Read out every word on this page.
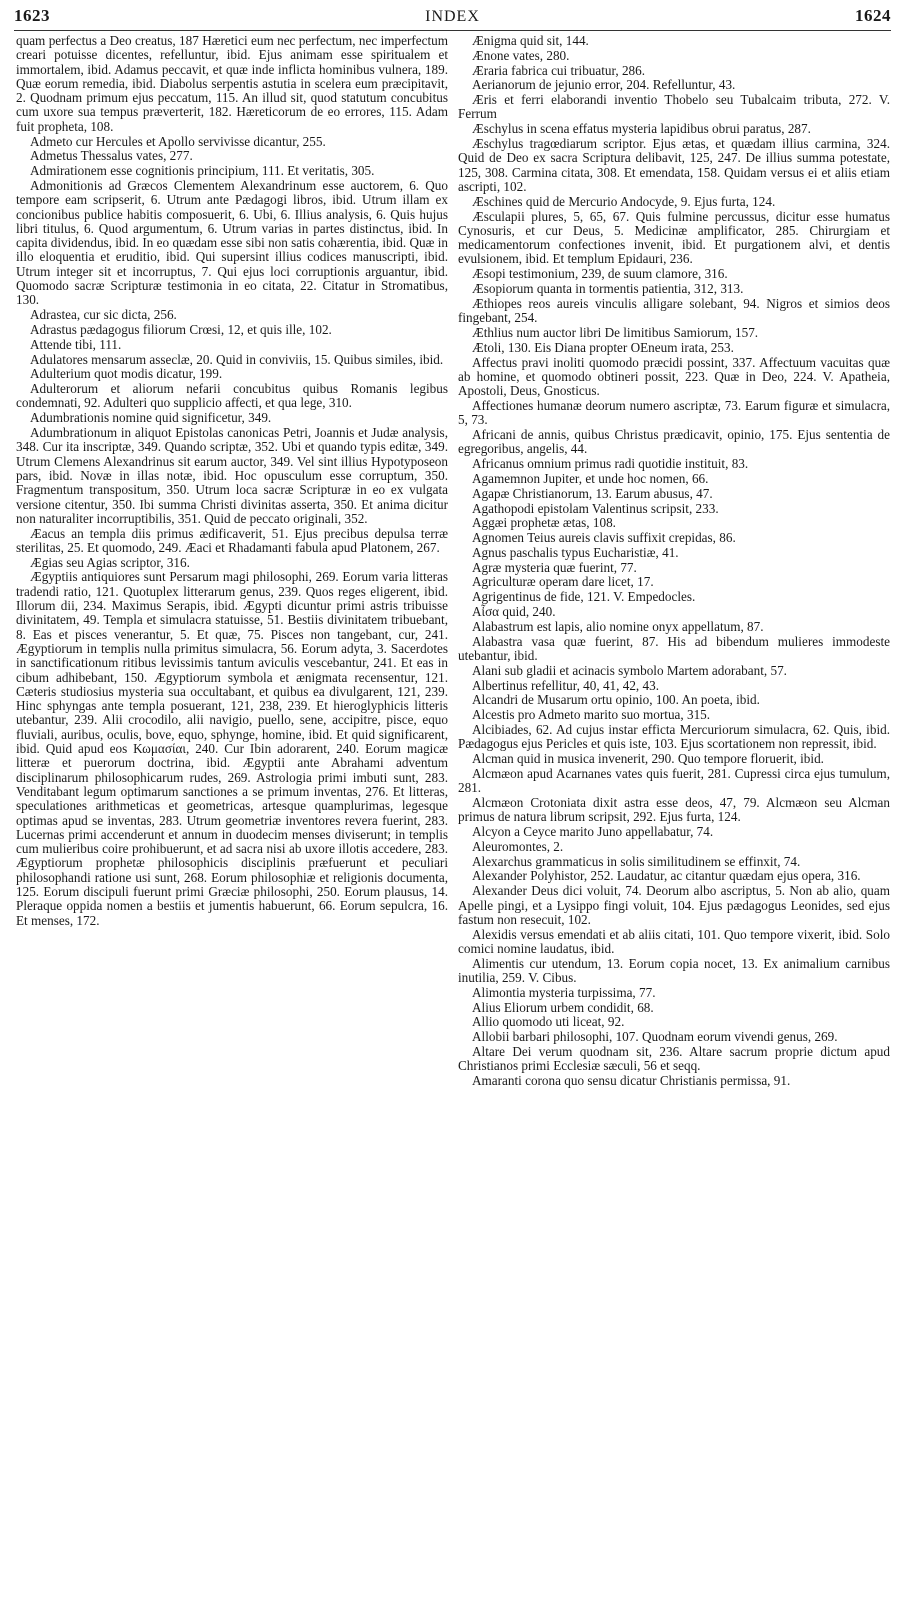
1623	INDEX	1624

quam perfectus a Deo creatus, 187 Hæretici eum nec perfectum, nec imperfectum creari potuisse dicentes, refelluntur, ibid. Ejus animam esse spiritualem et immortalem, ibid. Adamus peccavit, et quæ inde inflicta hominibus vulnera, 189. Quæ eorum remedia, ibid. Diabolus serpentis astutia in scelera eum præcipitavit, 2. Quodnam primum ejus peccatum, 115. An illud sit, quod statutum concubitus cum uxore sua tempus præverterit, 182. Hæreticorum de eo errores, 115. Adam fuit propheta, 108.

Admeto cur Hercules et Apollo servivisse dicantur, 255.

Admetus Thessalus vates, 277.

Admirationem esse cognitionis principium, 111. Et veritatis, 305.

Admonitionis ad Græcos Clementem Alexandrinum esse auctorem, 6. Quo tempore eam scripserit, 6. Utrum ante Pædagogi libros, ibid. Utrum illam ex concionibus publice habitis composuerit, 6. Ubi, 6. Illius analysis, 6. Quis hujus libri titulus, 6. Quod argumentum, 6. Utrum varias in partes distinctus, ibid. In capita dividendus, ibid. In eo quædam esse sibi non satis cohærentia, ibid. Quæ in illo eloquentia et eruditio, ibid. Qui supersint illius codices manuscripti, ibid. Utrum integer sit et incorruptus, 7. Qui ejus loci corruptionis arguantur, ibid. Quomodo sacræ Scripturæ testimonia in eo citata, 22. Citatur in Stromatibus, 130.

Adrastea, cur sic dicta, 256.

Adrastus pædagogus filiorum Crœsi, 12, et quis ille, 102.

Attende tibi, 111.

Adulatores mensarum asseclæ, 20. Quid in conviviis, 15. Quibus similes, ibid.

Adulterium quot modis dicatur, 199.

Adulterorum et aliorum nefarii concubitus quibus Romanis legibus condemnati, 92. Adulteri quo supplicio affecti, et qua lege, 310.

Adumbrationis nomine quid significetur, 349.

Adumbrationum in aliquot Epistolas canonicas Petri, Joannis et Judæ analysis, 348. Cur ita inscriptæ, 349. Quando scriptæ, 352. Ubi et quando typis editæ, 349. Utrum Clemens Alexandrinus sit earum auctor, 349. Vel sint illius Hypotyposeon pars, ibid. Novæ in illas notæ, ibid. Hoc opusculum esse corruptum, 350. Fragmentum transpositum, 350. Utrum loca sacræ Scripturæ in eo ex vulgata versione citentur, 350. Ibi summa Christi divinitas asserta, 350. Et anima dicitur non naturaliter incorruptibilis, 351. Quid de peccato originali, 352.

Æacus an templa diis primus ædificaverit, 51. Ejus precibus depulsa terræ sterilitas, 25. Et quomodo, 249. Æaci et Rhadamanti fabula apud Platonem, 267.

Ægias seu Agias scriptor, 316.

Ægyptiis antiquiores sunt Persarum magi philosophi, 269. Eorum varia litteras tradendi ratio, 121. Quotuplex litterarum genus, 239. Quos reges eligerent, ibid. Illorum dii, 234. Maximus Serapis, ibid. Ægypti dicuntur primi astris tribuisse divinitatem, 49. Templa et simulacra statuisse, 51. Bestiis divinitatem tribuebant, 8. Eas et pisces venerantur, 5. Et quæ, 75. Pisces non tangebant, cur, 241. Ægyptiorum in templis nulla primitus simulacra, 56. Eorum adyta, 3. Sacerdotes in sanctificationum ritibus levissimis tantum aviculis vescebantur, 241. Et eas in cibum adhibebant, 150. Ægyptiorum symbola et ænigmata recensentur, 121. Cæteris studiosius mysteria sua occultabant, et quibus ea divulgarent, 121, 239. Hinc sphyngas ante templa posuerant, 121, 238, 239. Et hieroglyphicis litteris utebantur, 239. Alii crocodilo, alii navigio, puello, sene, accipitre, pisce, equo fluviali, auribus, oculis, bove, equo, sphynge, homine, ibid. Et quid significarent, ibid. Quid apud eos Κωμασίαι, 240. Cur Ibin adorarent, 240. Eorum magicæ litteræ et puerorum doctrina, ibid. Ægyptii ante Abrahami adventum disciplinarum philosophicarum rudes, 269. Astrologia primi imbuti sunt, 283. Venditabant legum optimarum sanctiones a se primum inventas, 276. Et litteras, speculationes arithmeticas et geometricas, artesque quamplurimas, legesque optimas apud se inventas, 283. Utrum geometriæ inventores revera fuerint, 283. Lucernas primi accenderunt et annum in duodecim menses diviserunt; in templis cum mulieribus coire prohibuerunt, et ad sacra nisi ab uxore illotis accedere, 283. Ægyptiorum prophetæ philosophicis disciplinis præfuerunt et peculiari philosophandi ratione usi sunt, 268. Eorum philosophiæ et religionis documenta, 125. Eorum discipuli fuerunt primi Græciæ philosophi, 250. Eorum plausus, 14. Pleraque oppida nomen a bestiis et jumentis habuerunt, 66. Eorum sepulcra, 16. Et menses, 172.

Ænigma quid sit, 144.

Ænone vates, 280.

Æraria fabrica cui tribuatur, 286.

Aerianorum de jejunio error, 204. Refelluntur, 43.

Æris et ferri elaborandi inventio Thobelo seu Tubalcaim tributa, 272. V. Ferrum

Æschylus in scena effatus mysteria lapidibus obrui paratus, 287.

Æschylus tragœdiarum scriptor. Ejus ætas, et quædam illius carmina, 324. Quid de Deo ex sacra Scriptura delibavit, 125, 247. De illius summa potestate, 125, 308. Carmina citata, 308. Et emendata, 158. Quidam versus ei et aliis etiam ascripti, 102.

Æschines quid de Mercurio Andocyde, 9. Ejus furta, 124.

Æsculapii plures, 5, 65, 67. Quis fulmine percussus, dicitur esse humatus Cynosuris, et cur Deus, 5. Medicinæ amplificator, 285. Chirurgiam et medicamentorum confectiones invenit, ibid. Et purgationem alvi, et dentis evulsionem, ibid. Et templum Epidauri, 236.

Æsopi testimonium, 239, de suum clamore, 316.

Æsopiorum quanta in tormentis patientia, 312, 313.

Æthiopes reos aureis vinculis alligare solebant, 94. Nigros et simios deos fingebant, 254.

Æthlius num auctor libri De limitibus Samiorum, 157.

Ætoli, 130. Eis Diana propter OEneum irata, 253.

Affectus pravi inoliti quomodo præcidi possint, 337. Affectuum vacuitas quæ ab homine, et quomodo obtineri possit, 223. Quæ in Deo, 224. V. Apatheia, Apostoli, Deus, Gnosticus.

Affectiones humanæ deorum numero ascriptæ, 73. Earum figuræ et simulacra, 5, 73.

Africani de annis, quibus Christus prædicavit, opinio, 175. Ejus sententia de egregoribus, angelis, 44.

Africanus omnium primus radi quotidie instituit, 83.

Agamemnon Jupiter, et unde hoc nomen, 66.

Agapæ Christianorum, 13. Earum abusus, 47.

Agathopodi epistolam Valentinus scripsit, 233.

Aggæi prophetæ ætas, 108.

Agnomen Teius aureis clavis suffixit crepidas, 86.

Agnus paschalis typus Eucharistiæ, 41.

Agræ mysteria quæ fuerint, 77.

Agriculturæ operam dare licet, 17.

Agrigentinus de fide, 121. V. Empedocles.

Aἶσα quid, 240.

Alabastrum est lapis, alio nomine onyx appellatum, 87.

Alabastra vasa quæ fuerint, 87. His ad bibendum mulieres immodeste utebantur, ibid.

Alani sub gladii et acinacis symbolo Martem adorabant, 57.

Albertinus refellitur, 40, 41, 42, 43.

Alcandri de Musarum ortu opinio, 100. An poeta, ibid.

Alcestis pro Admeto marito suo mortua, 315.

Alcibiades, 62. Ad cujus instar efficta Mercuriorum simulacra, 62. Quis, ibid. Pædagogus ejus Pericles et quis iste, 103. Ejus scortationem non repressit, ibid.

Alcman quid in musica invenerit, 290. Quo tempore floruerit, ibid.

Alcmæon apud Acarnanes vates quis fuerit, 281. Cupressi circa ejus tumulum, 281.

Alcmæon Crotoniata dixit astra esse deos, 47, 79. Alcmæon seu Alcman primus de natura librum scripsit, 292. Ejus furta, 124.

Alcyon a Ceyce marito Juno appellabatur, 74.

Aleuromontes, 2.

Alexarchus grammaticus in solis similitudinem se effinxit, 74.

Alexander Polyhistor, 252. Laudatur, ac citantur quædam ejus opera, 316.

Alexander Deus dici voluit, 74. Deorum albo ascriptus, 5. Non ab alio, quam Apelle pingi, et a Lysippo fingi voluit, 104. Ejus pædagogus Leonides, sed ejus fastum non resecuit, 102.

Alexidis versus emendati et ab aliis citati, 101. Quo tempore vixerit, ibid. Solo comici nomine laudatus, ibid.

Alimentis cur utendum, 13. Eorum copia nocet, 13. Ex animalium carnibus inutilia, 259. V. Cibus.

Alimontia mysteria turpissima, 77.

Alius Eliorum urbem condidit, 68.

Allio quomodo uti liceat, 92.

Allobii barbari philosophi, 107. Quodnam eorum vivendi genus, 269.

Altare Dei verum quodnam sit, 236. Altare sacrum proprie dictum apud Christianos primi Ecclesiæ sæculi, 56 et seqq.

Amaranti corona quo sensu dicatur Christianis permissa, 91.
